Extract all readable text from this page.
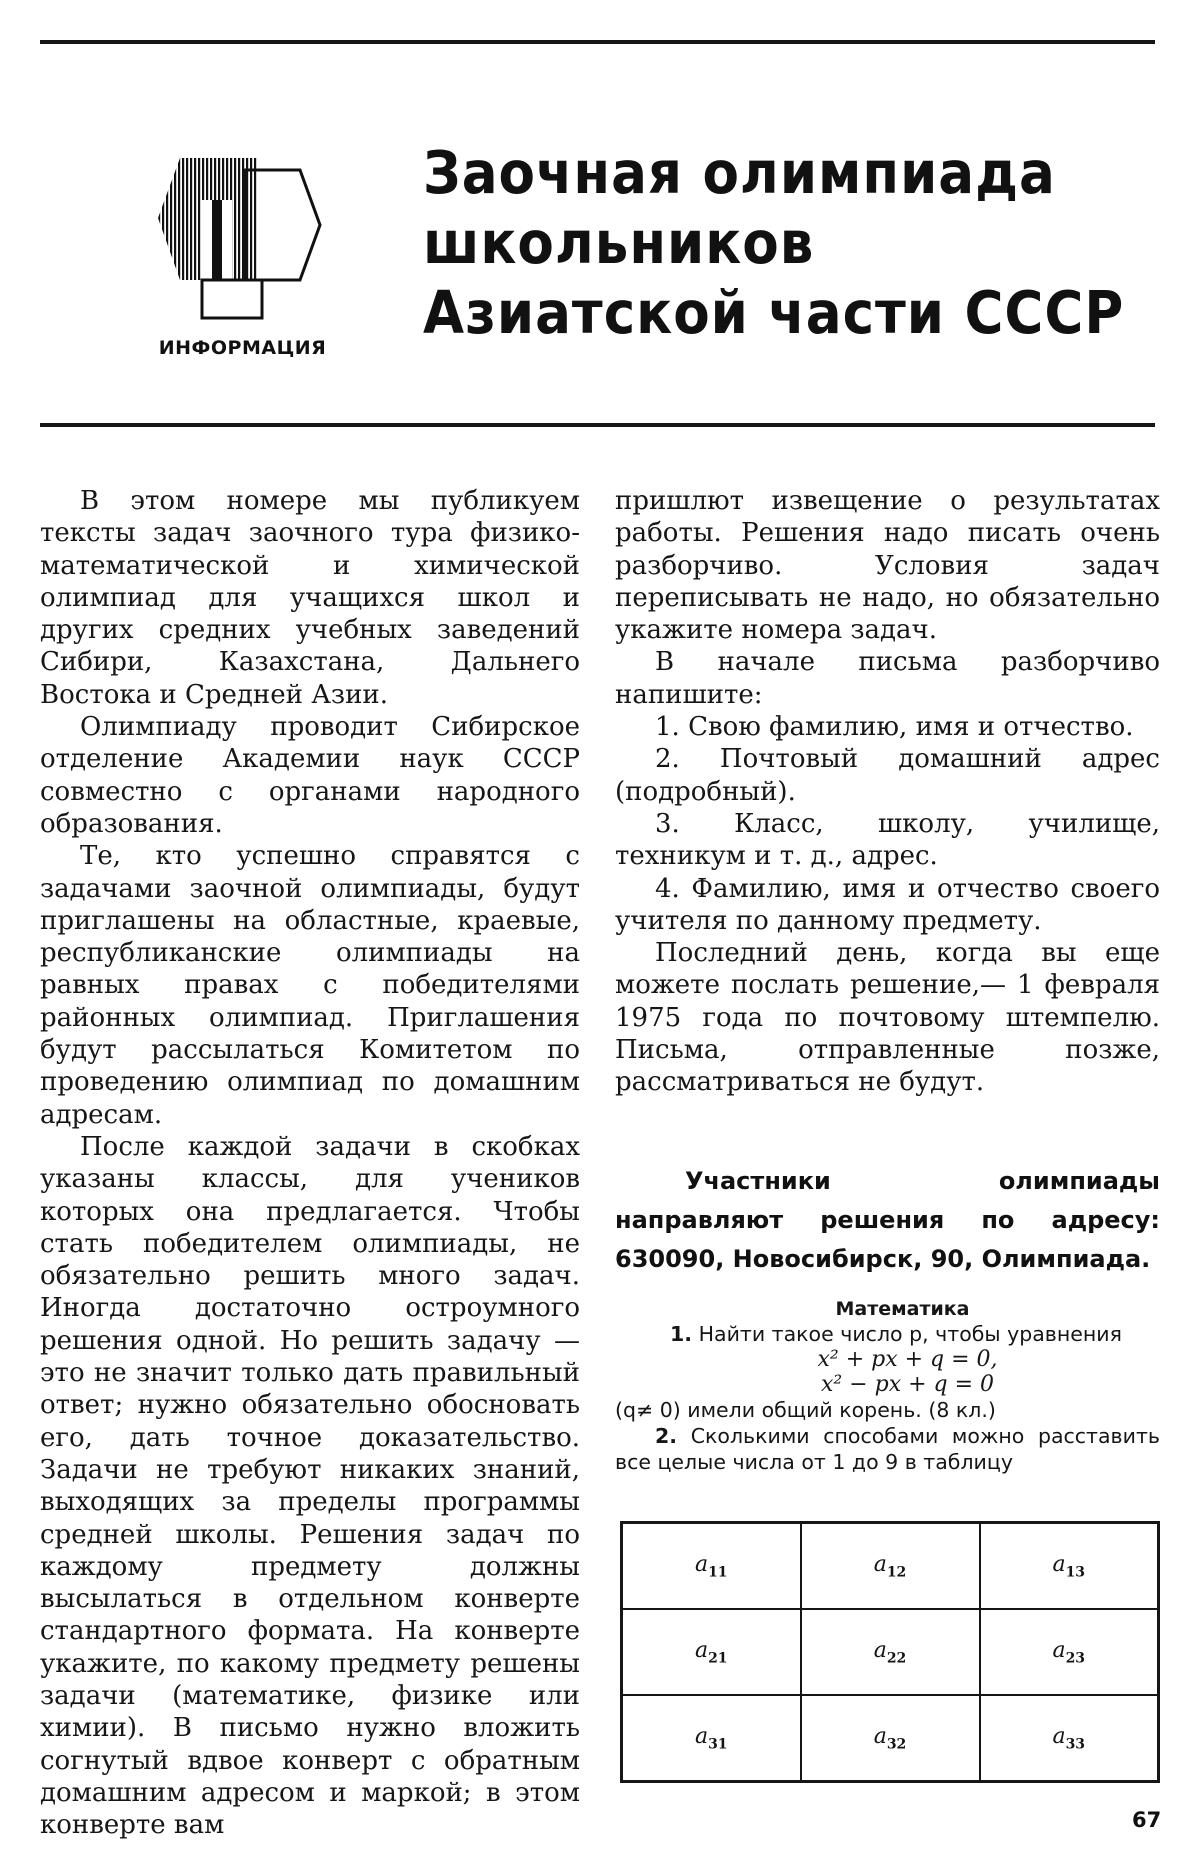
ИНФОРМАЦИЯ
Заочная олимпиада
школьников
Азиатской части СССР

В этом номере мы публикуем тексты задач заочного тура физико-математической и химической олимпиад для учащихся школ и других средних учебных заведений Сибири, Казахстана, Дальнего Востока и Средней Азии.

Олимпиаду проводит Сибирское отделение Академии наук СССР совместно с органами народного образования.

Те, кто успешно справятся с задачами заочной олимпиады, будут приглашены на областные, краевые, республиканские олимпиады на равных правах с победителями районных олимпиад. Приглашения будут рассылаться Комитетом по проведению олимпиад по домашним адресам.

После каждой задачи в скобках указаны классы, для учеников которых она предлагается. Чтобы стать победителем олимпиады, не обязательно решить много задач. Иногда достаточно остроумного решения одной. Но решить задачу — это не значит только дать правильный ответ; нужно обязательно обосновать его, дать точное доказательство. Задачи не требуют никаких знаний, выходящих за пределы программы средней школы. Решения задач по каждому предмету должны высылаться в отдельном конверте стандартного формата. На конверте укажите, по какому предмету решены задачи (математике, физике или химии). В письмо нужно вложить согнутый вдвое конверт с обратным домашним адресом и маркой; в этом конверте вам

пришлют извещение о результатах работы. Решения надо писать очень разборчиво. Условия задач переписывать не надо, но обязательно укажите номера задач.

В начале письма разборчиво напишите:

1. Свою фамилию, имя и отчество.

2. Почтовый домашний адрес (подробный).

3. Класс, школу, училище, техникум и т. д., адрес.

4. Фамилию, имя и отчество своего учителя по данному предмету.

Последний день, когда вы еще можете послать решение,— 1 февраля 1975 года по почтовому штемпелю. Письма, отправленные позже, рассматриваться не будут.

Участники олимпиады направляют решения по адресу: 630090, Новосибирск, 90, Олимпиада.

Математика

1. Найти такое число p, чтобы уравнения

x² + px + q = 0,

x² − px + q = 0

(q≠ 0) имели общий корень. (8 кл.)

2. Сколькими способами можно расставить все целые числа от 1 до 9 в таблицу

$a_{11}$	$a_{12}$	$a_{13}$
$a_{21}$	$a_{22}$	$a_{23}$
$a_{31}$	$a_{32}$	$a_{33}$
67
